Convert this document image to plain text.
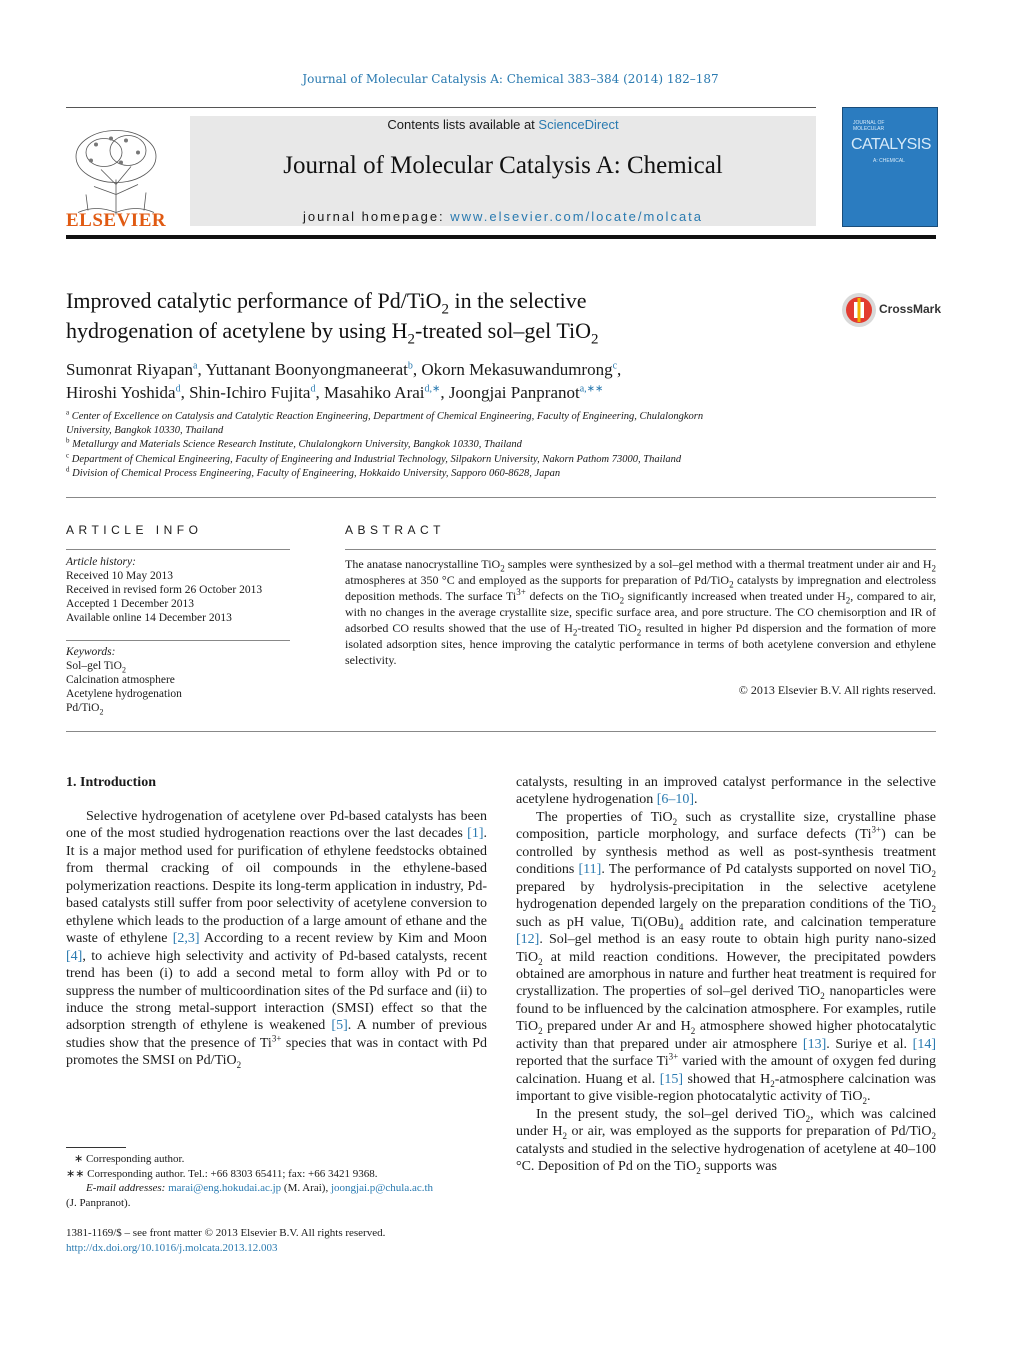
Journal of Molecular Catalysis A: Chemical 383–384 (2014) 182–187
ELSEVIER
Contents lists available at ScienceDirect
Journal of Molecular Catalysis A: Chemical
journal homepage: www.elsevier.com/locate/molcata
JOURNAL OF MOLECULAR
CATALYSIS
A: CHEMICAL
Improved catalytic performance of Pd/TiO$_2$ in the selective
hydrogenation of acetylene by using $H_2$-treated sol–gel TiO$_2$
CrossMark
Sumonrat Riyapan$^a$, Yuttanant Boonyongmaneerat$^b$, Okorn Mekasuwandumrong$^c$,
Hiroshi Yoshida$^d$, Shin-Ichiro Fujita$^d$, Masahiko Arai$^{d,∗}$, Joongjai Panpranot$^{a,∗∗}$
$^a$ Center of Excellence on Catalysis and Catalytic Reaction Engineering, Department of Chemical Engineering, Faculty of Engineering, Chulalongkorn
University, Bangkok 10330, Thailand
$^b$ Metallurgy and Materials Science Research Institute, Chulalongkorn University, Bangkok 10330, Thailand
$^c$ Department of Chemical Engineering, Faculty of Engineering and Industrial Technology, Silpakorn University, Nakorn Pathom 73000, Thailand
$^d$ Division of Chemical Process Engineering, Faculty of Engineering, Hokkaido University, Sapporo 060-8628, Japan
ARTICLE INFO
Article history:
Received 10 May 2013
Received in revised form 26 October 2013
Accepted 1 December 2013
Available online 14 December 2013
Keywords:
Sol–gel TiO$_2$
Calcination atmosphere
Acetylene hydrogenation
Pd/TiO$_2$
ABSTRACT
The anatase nanocrystalline TiO$_2$ samples were synthesized by a sol–gel method with a thermal treatment under air and $H_2$ atmospheres at 350 °C and employed as the supports for preparation of Pd/TiO$_2$ catalysts by impregnation and electroless deposition methods. The surface $Ti^{3+}$ defects on the TiO$_2$ significantly increased when treated under $H_2$, compared to air, with no changes in the average crystallite size, specific surface area, and pore structure. The CO chemisorption and IR of adsorbed CO results showed that the use of $H_2$-treated TiO$_2$ resulted in higher Pd dispersion and the formation of more isolated adsorption sites, hence improving the catalytic performance in terms of both acetylene conversion and ethylene selectivity.
© 2013 Elsevier B.V. All rights reserved.
1. Introduction

Selective hydrogenation of acetylene over Pd-based catalysts has been one of the most studied hydrogenation reactions over the last decades [1]. It is a major method used for purification of ethylene feedstocks obtained from thermal cracking of oil compounds in the ethylene-based polymerization reactions. Despite its long-term application in industry, Pd-based catalysts still suffer from poor selectivity of acetylene conversion to ethylene which leads to the production of a large amount of ethane and the waste of ethylene [2,3] According to a recent review by Kim and Moon [4], to achieve high selectivity and activity of Pd-based catalysts, recent trend has been (i) to add a second metal to form alloy with Pd or to suppress the number of multicoordination sites of the Pd surface and (ii) to induce the strong metal-support interaction (SMSI) effect so that the adsorption strength of ethylene is weakened [5]. A number of previous studies show that the presence of $Ti^{3+}$ species that was in contact with Pd promotes the SMSI on Pd/TiO$_2$

catalysts, resulting in an improved catalyst performance in the selective acetylene hydrogenation [6–10].

The properties of TiO$_2$ such as crystallite size, crystalline phase composition, particle morphology, and surface defects $(Ti^{3+})$ can be controlled by synthesis method as well as post-synthesis treatment conditions [11]. The performance of Pd catalysts supported on novel TiO$_2$ prepared by hydrolysis-precipitation in the selective acetylene hydrogenation depended largely on the preparation conditions of the TiO$_2$ such as pH value, $Ti(OBu)_4$ addition rate, and calcination temperature [12]. Sol–gel method is an easy route to obtain high purity nano-sized TiO$_2$ at mild reaction conditions. However, the precipitated powders obtained are amorphous in nature and further heat treatment is required for crystallization. The properties of sol–gel derived TiO$_2$ nanoparticles were found to be influenced by the calcination atmosphere. For examples, rutile TiO$_2$ prepared under Ar and $H_2$ atmosphere showed higher photocatalytic activity than that prepared under air atmosphere [13]. Suriye et al. [14] reported that the surface $Ti^{3+}$ varied with the amount of oxygen fed during calcination. Huang et al. [15] showed that $H_2$-atmosphere calcination was important to give visible-region photocatalytic activity of TiO$_2$.

In the present study, the sol–gel derived TiO$_2$, which was calcined under $H_2$ or air, was employed as the supports for preparation of Pd/TiO$_2$ catalysts and studied in the selective hydrogenation of acetylene at 40–100 °C. Deposition of Pd on the TiO$_2$ supports was

∗ Corresponding author.
∗∗ Corresponding author. Tel.: +66 8303 65411; fax: +66 3421 9368.
E-mail addresses: marai@eng.hokudai.ac.jp (M. Arai), joongjai.p@chula.ac.th
(J. Panpranot).
1381-1169/$ – see front matter © 2013 Elsevier B.V. All rights reserved.
http://dx.doi.org/10.1016/j.molcata.2013.12.003
